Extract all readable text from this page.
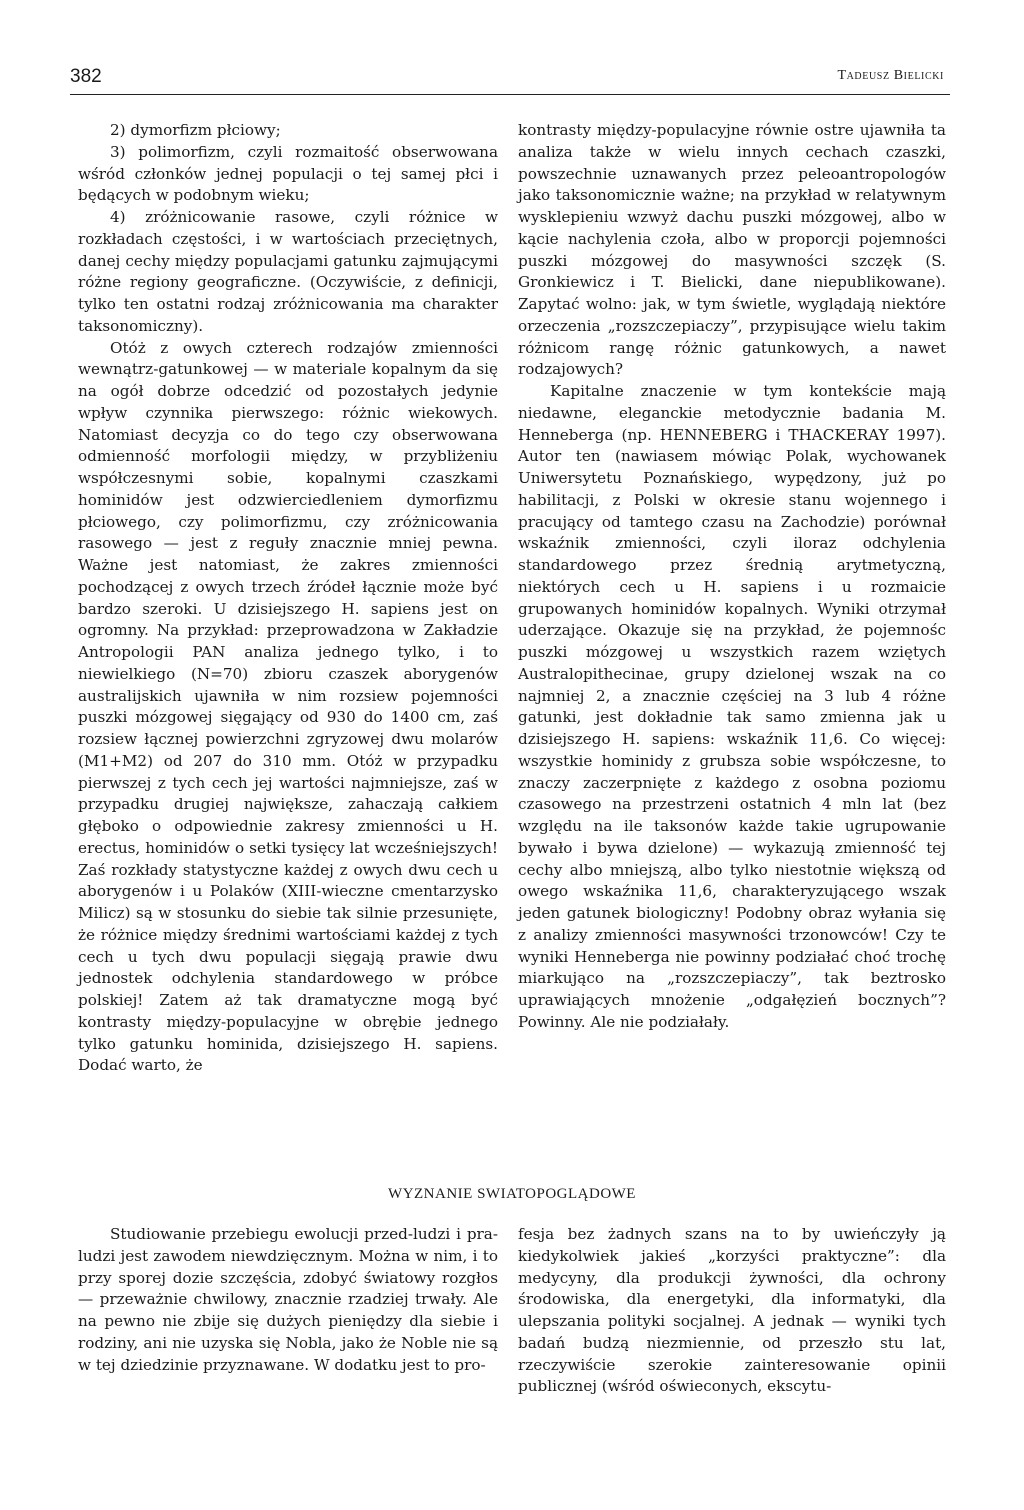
382	Tadeusz Bielicki

2) dymorfizm płciowy;

3) polimorfizm, czyli rozmaitość obserwowana wśród członków jednej populacji o tej samej płci i będących w podobnym wieku;

4) zróżnicowanie rasowe, czyli różnice w rozkładach częstości, i w wartościach przeciętnych, danej cechy między populacjami gatunku zajmującymi różne regiony geograficzne. (Oczywiście, z definicji, tylko ten ostatni rodzaj zróżnicowania ma charakter taksonomiczny).

Otóż z owych czterech rodzajów zmienności wewnątrz-gatunkowej — w materiale kopalnym da się na ogół dobrze odcedzić od pozostałych jedynie wpływ czynnika pierwszego: różnic wiekowych. Natomiast decyzja co do tego czy obserwowana odmienność morfologii między, w przybliżeniu współczesnymi sobie, kopalnymi czaszkami hominidów jest odzwierciedleniem dymorfizmu płciowego, czy polimorfizmu, czy zróżnicowania rasowego — jest z reguły znacznie mniej pewna. Ważne jest natomiast, że zakres zmienności pochodzącej z owych trzech źródeł łącznie może być bardzo szeroki. U dzisiejszego H. sapiens jest on ogromny. Na przykład: przeprowadzona w Zakładzie Antropologii PAN analiza jednego tylko, i to niewielkiego (N=70) zbioru czaszek aborygenów australijskich ujawniła w nim rozsiew pojemności puszki mózgowej sięgający od 930 do 1400 cm, zaś rozsiew łącznej powierzchni zgryzowej dwu molarów (M1+M2) od 207 do 310 mm. Otóż w przypadku pierwszej z tych cech jej wartości najmniejsze, zaś w przypadku drugiej największe, zahaczają całkiem głęboko o odpowiednie zakresy zmienności u H. erectus, hominidów o setki tysięcy lat wcześniejszych! Zaś rozkłady statystyczne każdej z owych dwu cech u aborygenów i u Polaków (XIII-wieczne cmentarzysko Milicz) są w stosunku do siebie tak silnie przesunięte, że różnice między średnimi wartościami każdej z tych cech u tych dwu populacji sięgają prawie dwu jednostek odchylenia standardowego w próbce polskiej! Zatem aż tak dramatyczne mogą być kontrasty między-populacyjne w obrębie jednego tylko gatunku hominida, dzisiejszego H. sapiens. Dodać warto, że

kontrasty między-populacyjne równie ostre ujawniła ta analiza także w wielu innych cechach czaszki, powszechnie uznawanych przez peleoantropologów jako taksonomicznie ważne; na przykład w relatywnym wysklepieniu wzwyż dachu puszki mózgowej, albo w kącie nachylenia czoła, albo w proporcji pojemności puszki mózgowej do masywności szczęk (S. Gronkiewicz i T. Bielicki, dane niepublikowane). Zapytać wolno: jak, w tym świetle, wyglądają niektóre orzeczenia „rozszczepiaczy”, przypisujące wielu takim różnicom rangę różnic gatunkowych, a nawet rodzajowych?

Kapitalne znaczenie w tym kontekście mają niedawne, eleganckie metodycznie badania M. Henneberga (np. HENNEBERG i THACKERAY 1997). Autor ten (nawiasem mówiąc Polak, wychowanek Uniwersytetu Poznańskiego, wypędzony, już po habilitacji, z Polski w okresie stanu wojennego i pracujący od tamtego czasu na Zachodzie) porównał wskaźnik zmienności, czyli iloraz odchylenia standardowego przez średnią arytmetyczną, niektórych cech u H. sapiens i u rozmaicie grupowanych hominidów kopalnych. Wyniki otrzymał uderzające. Okazuje się na przykład, że pojemnośc puszki mózgowej u wszystkich razem wziętych Australopithecinae, grupy dzielonej wszak na co najmniej 2, a znacznie częściej na 3 lub 4 różne gatunki, jest dokładnie tak samo zmienna jak u dzisiejszego H. sapiens: wskaźnik 11,6. Co więcej: wszystkie hominidy z grubsza sobie współczesne, to znaczy zaczerpnięte z każdego z osobna poziomu czasowego na przestrzeni ostatnich 4 mln lat (bez względu na ile taksonów każde takie ugrupowanie bywało i bywa dzielone) — wykazują zmienność tej cechy albo mniejszą, albo tylko niestotnie większą od owego wskaźnika 11,6, charakteryzującego wszak jeden gatunek biologiczny! Podobny obraz wyłania się z analizy zmienności masywności trzonowców! Czy te wyniki Henneberga nie powinny podziałać choć trochę miarkująco na „rozszczepiaczy”, tak beztrosko uprawiających mnożenie „odgałęzień bocznych”? Powinny. Ale nie podziałały.

WYZNANIE SWIATOPOGLĄDOWE

Studiowanie przebiegu ewolucji przed-ludzi i pra-ludzi jest zawodem niewdzięcznym. Można w nim, i to przy sporej dozie szczęścia, zdobyć światowy rozgłos — przeważnie chwilowy, znacznie rzadziej trwały. Ale na pewno nie zbije się dużych pieniędzy dla siebie i rodziny, ani nie uzyska się Nobla, jako że Noble nie są w tej dziedzinie przyznawane. W dodatku jest to pro-

fesja bez żadnych szans na to by uwieńczyły ją kiedykolwiek jakieś „korzyści praktyczne”: dla medycyny, dla produkcji żywności, dla ochrony środowiska, dla energetyki, dla informatyki, dla ulepszania polityki socjalnej. A jednak — wyniki tych badań budzą niezmiennie, od przeszło stu lat, rzeczywiście szerokie zainteresowanie opinii publicznej (wśród oświeconych, ekscytu-
